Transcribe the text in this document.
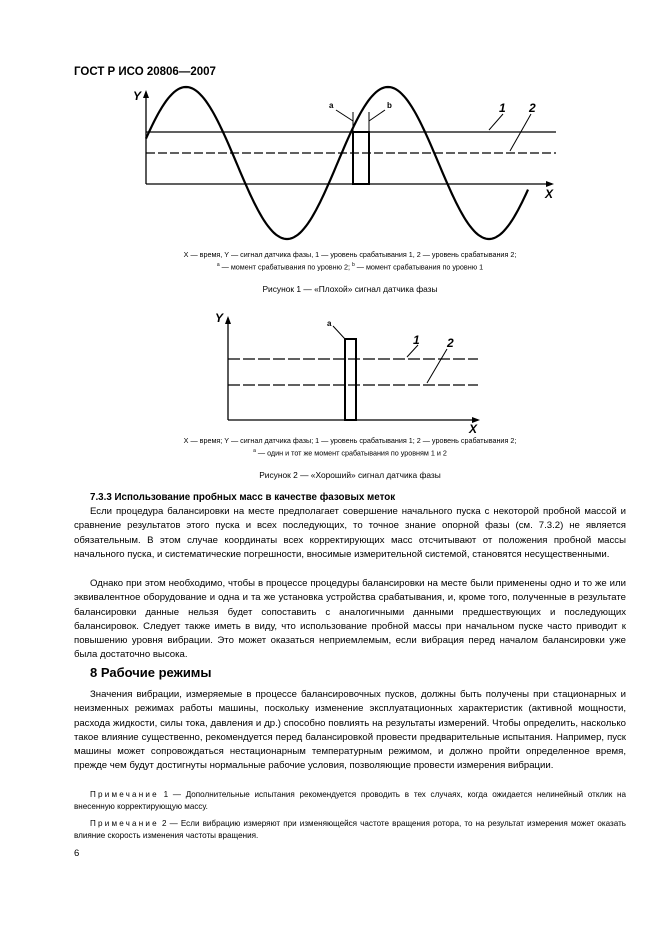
ГОСТ Р ИСО 20806—2007
Y
X
a	b	1 2
X — время, Y — сигнал датчика фазы, 1 — уровень срабатывания 1, 2 — уровень срабатывания 2;
$^a$ — момент срабатывания по уровню 2; $^b$ — момент срабатывания по уровню 1
Рисунок 1 — «Плохой» сигнал датчика фазы
Y
X
a
1 2
X — время; Y — сигнал датчика фазы; 1 — уровень срабатывания 1; 2 — уровень срабатывания 2;
$^a$ — один и тот же момент срабатывания по уровням 1 и 2
Рисунок 2 — «Хороший» сигнал датчика фазы
7.3.3 Использование пробных масс в качестве фазовых меток
Если процедура балансировки на месте предполагает совершение начального пуска с некоторой пробной массой и сравнение результатов этого пуска и всех последующих, то точное знание опорной фазы (см. 7.3.2) не является обязательным. В этом случае координаты всех корректирующих масс отсчитывают от положения пробной массы начального пуска, и систематические погрешности, вносимые измерительной системой, становятся несущественными.
Однако при этом необходимо, чтобы в процессе процедуры балансировки на месте были применены одно и то же или эквивалентное оборудование и одна и та же установка устройства срабатывания, и, кроме того, полученные в результате балансировки данные нельзя будет сопоставить с аналогичными данными предшествующих и последующих балансировок. Следует также иметь в виду, что использование пробной массы при начальном пуске часто приводит к повышению уровня вибрации. Это может оказаться неприемлемым, если вибрация перед началом балансировки уже была достаточно высока.
8 Рабочие режимы
Значения вибрации, измеряемые в процессе балансировочных пусков, должны быть получены при стационарных и неизменных режимах работы машины, поскольку изменение эксплуатационных характеристик (активной мощности, расхода жидкости, силы тока, давления и др.) способно повлиять на результаты измерений. Чтобы определить, насколько такое влияние существенно, рекомендуется перед балансировкой провести предварительные испытания. Например, пуск машины может сопровождаться нестационарным температурным режимом, и должно пройти определенное время, прежде чем будут достигнуты нормальные рабочие условия, позволяющие провести измерения вибрации.
Примечание 1 — Дополнительные испытания рекомендуется проводить в тех случаях, когда ожидается нелинейный отклик на внесенную корректирующую массу.
Примечание 2 — Если вибрацию измеряют при изменяющейся частоте вращения ротора, то на результат измерения может оказать влияние скорость изменения частоты вращения.
6
